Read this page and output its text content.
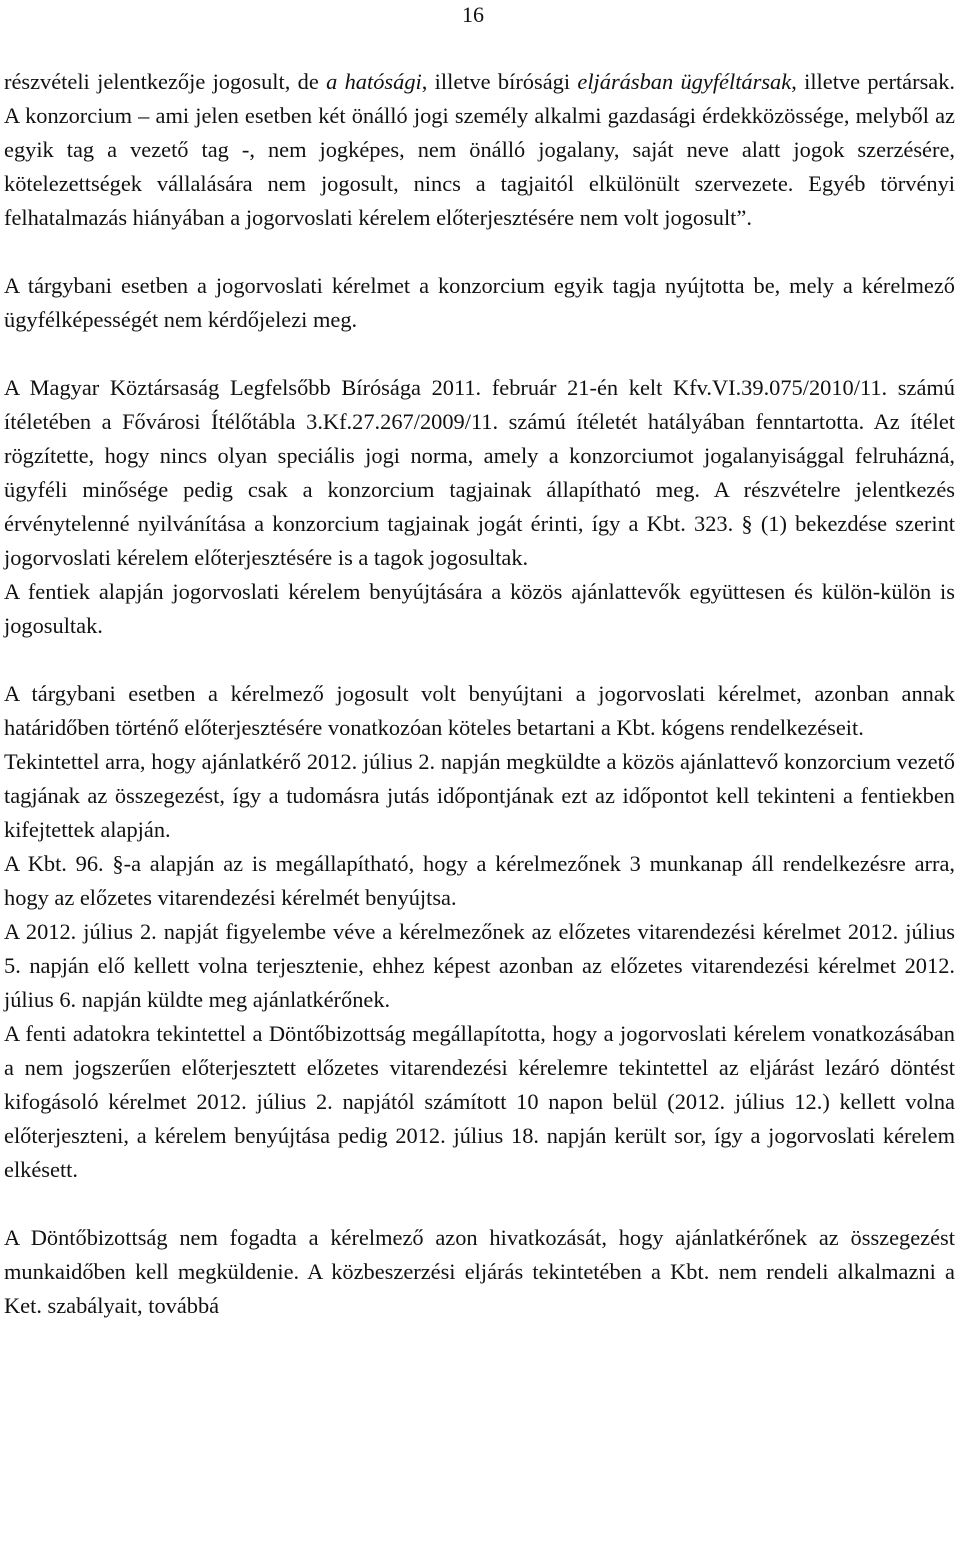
16

részvételi jelentkezője jogosult, de a hatósági, illetve bírósági eljárásban ügyféltársak, illetve pertársak. A konzorcium – ami jelen esetben két önálló jogi személy alkalmi gazdasági érdekközössége, melyből az egyik tag a vezető tag -, nem jogképes, nem önálló jogalany, saját neve alatt jogok szerzésére, kötelezettségek vállalására nem jogosult, nincs a tagjaitól elkülönült szervezete. Egyéb törvényi felhatalmazás hiányában a jogorvoslati kérelem előterjesztésére nem volt jogosult”.

A tárgybani esetben a jogorvoslati kérelmet a konzorcium egyik tagja nyújtotta be, mely a kérelmező ügyfélképességét nem kérdőjelezi meg.

A Magyar Köztársaság Legfelsőbb Bírósága 2011. február 21-én kelt Kfv.VI.39.075/2010/11. számú ítéletében a Fővárosi Ítélőtábla 3.Kf.27.267/2009/11. számú ítéletét hatályában fenntartotta. Az ítélet rögzítette, hogy nincs olyan speciális jogi norma, amely a konzorciumot jogalanyisággal felruházná, ügyféli minősége pedig csak a konzorcium tagjainak állapítható meg. A részvételre jelentkezés érvénytelenné nyilvánítása a konzorcium tagjainak jogát érinti, így a Kbt. 323. § (1) bekezdése szerint jogorvoslati kérelem előterjesztésére is a tagok jogosultak.

A fentiek alapján jogorvoslati kérelem benyújtására a közös ajánlattevők együttesen és külön-külön is jogosultak.

A tárgybani esetben a kérelmező jogosult volt benyújtani a jogorvoslati kérelmet, azonban annak határidőben történő előterjesztésére vonatkozóan köteles betartani a Kbt. kógens rendelkezéseit.

Tekintettel arra, hogy ajánlatkérő 2012. július 2. napján megküldte a közös ajánlattevő konzorcium vezető tagjának az összegezést, így a tudomásra jutás időpontjának ezt az időpontot kell tekinteni a fentiekben kifejtettek alapján.

A Kbt. 96. §-a alapján az is megállapítható, hogy a kérelmezőnek 3 munkanap áll rendelkezésre arra, hogy az előzetes vitarendezési kérelmét benyújtsa.

A 2012. július 2. napját figyelembe véve a kérelmezőnek az előzetes vitarendezési kérelmet 2012. július 5. napján elő kellett volna terjesztenie, ehhez képest azonban az előzetes vitarendezési kérelmet 2012. július 6. napján küldte meg ajánlatkérőnek.

A fenti adatokra tekintettel a Döntőbizottság megállapította, hogy a jogorvoslati kérelem vonatkozásában a nem jogszerűen előterjesztett előzetes vitarendezési kérelemre tekintettel az eljárást lezáró döntést kifogásoló kérelmet 2012. július 2. napjától számított 10 napon belül (2012. július 12.) kellett volna előterjeszteni, a kérelem benyújtása pedig 2012. július 18. napján került sor, így a jogorvoslati kérelem elkésett.

A Döntőbizottság nem fogadta a kérelmező azon hivatkozását, hogy ajánlatkérőnek az összegezést munkaidőben kell megküldenie. A közbeszerzési eljárás tekintetében a Kbt. nem rendeli alkalmazni a Ket. szabályait, továbbá
